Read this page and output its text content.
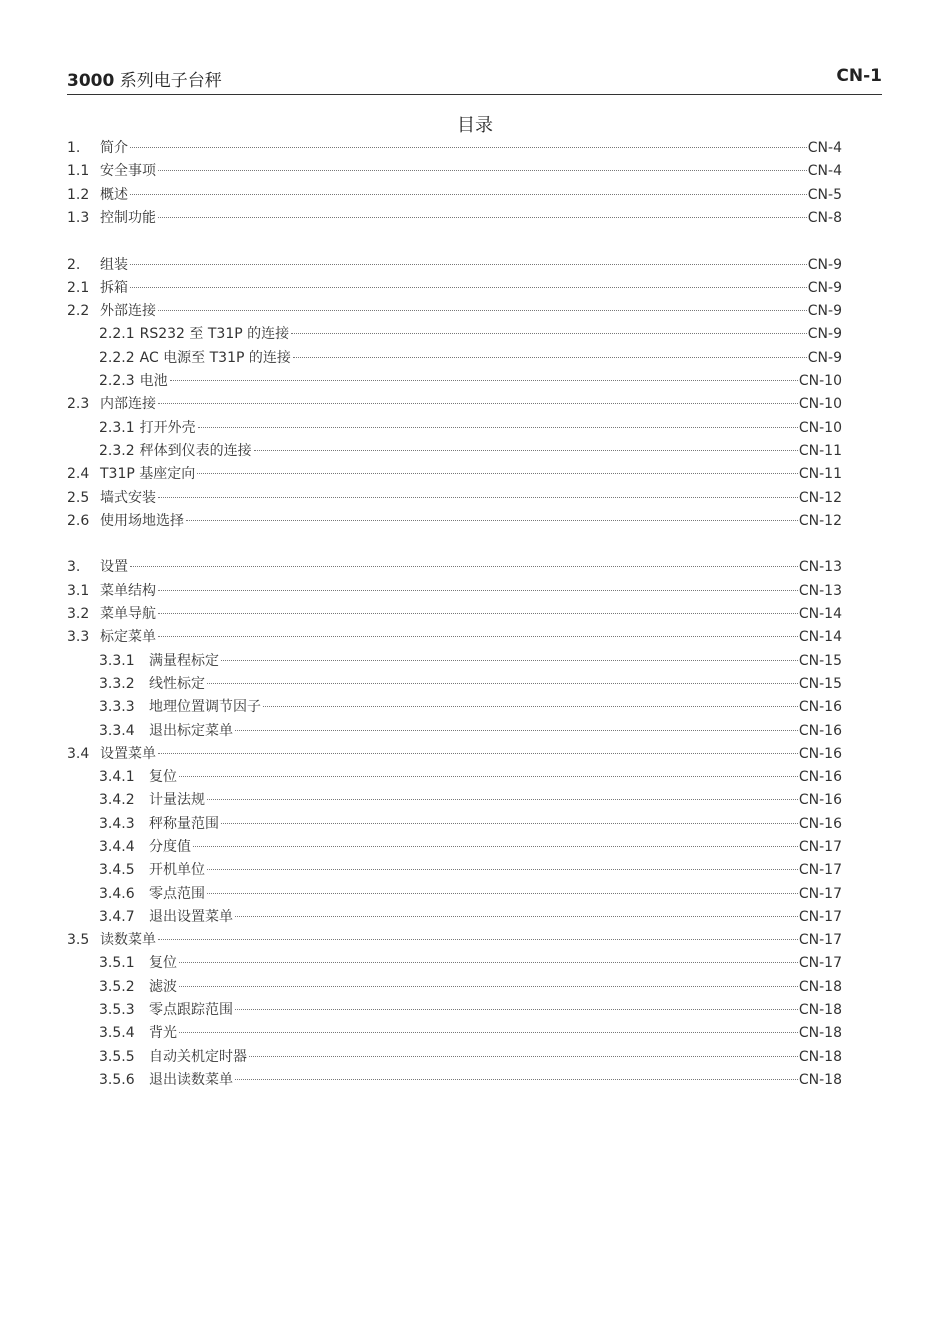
3000 系列电子台秤	CN-1
目录
1.	简介	CN-4
1.1 安全事项	CN-4
1.2 概述	CN-5
1.3 控制功能	CN-8
2.	组装	CN-9
2.1 拆箱	CN-9
2.2 外部连接	CN-9
2.2.1 RS232 至 T31P 的连接	CN-9
2.2.2 AC 电源至 T31P 的连接	CN-9
2.2.3 电池	CN-10
2.3 内部连接	CN-10
2.3.1 打开外壳	CN-10
2.3.2 秤体到仪表的连接	CN-11
2.4 T31P 基座定向	CN-11
2.5 墙式安装	CN-12
2.6 使用场地选择	CN-12
3.	设置	CN-13
3.1 菜单结构	CN-13
3.2 菜单导航	CN-14
3.3 标定菜单	CN-14
3.3.1	满量程标定	CN-15
3.3.2	线性标定	CN-15
3.3.3	地理位置调节因子	CN-16
3.3.4	退出标定菜单	CN-16
3.4 设置菜单	CN-16
3.4.1	复位	CN-16
3.4.2	计量法规	CN-16
3.4.3	秤称量范围	CN-16
3.4.4	分度值	CN-17
3.4.5	开机单位	CN-17
3.4.6	零点范围	CN-17
3.4.7	退出设置菜单	CN-17
3.5 读数菜单	CN-17
3.5.1	复位	CN-17
3.5.2	滤波	CN-18
3.5.3	零点跟踪范围	CN-18
3.5.4	背光	CN-18
3.5.5	自动关机定时器	CN-18
3.5.6	退出读数菜单	CN-18
